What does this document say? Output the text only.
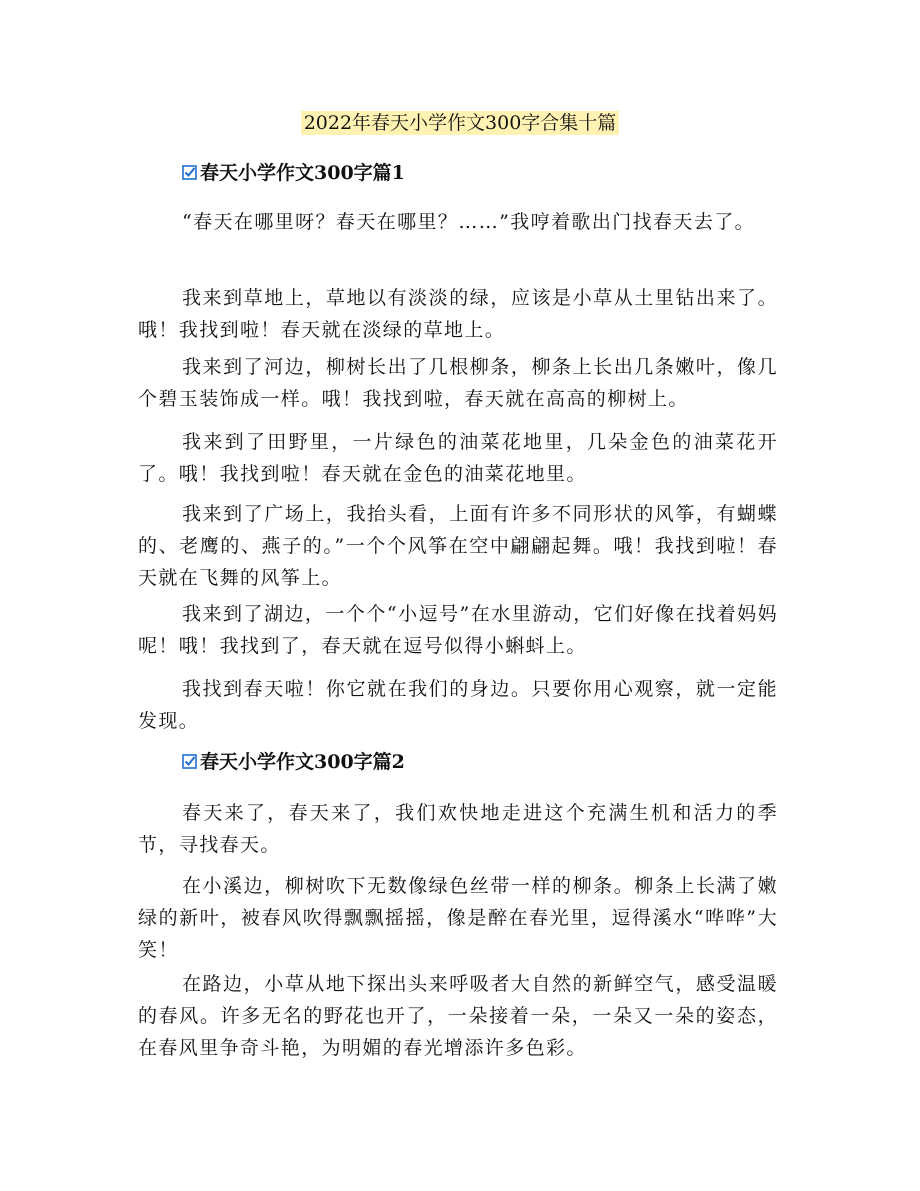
2022年春天小学作文300字合集十篇
春天小学作文300字篇1

“春天在哪里呀？春天在哪里？……”我哼着歌出门找春天去了。

我来到草地上，草地以有淡淡的绿，应该是小草从土里钻出来了。哦！我找到啦！春天就在淡绿的草地上。

我来到了河边，柳树长出了几根柳条，柳条上长出几条嫩叶，像几个碧玉装饰成一样。哦！我找到啦，春天就在高高的柳树上。

我来到了田野里，一片绿色的油菜花地里，几朵金色的油菜花开了。哦！我找到啦！春天就在金色的油菜花地里。

我来到了广场上，我抬头看，上面有许多不同形状的风筝，有蝴蝶的、老鹰的、燕子的。”一个个风筝在空中翩翩起舞。哦！我找到啦！春天就在飞舞的风筝上。

我来到了湖边，一个个“小逗号”在水里游动，它们好像在找着妈妈呢！哦！我找到了，春天就在逗号似得小蝌蚪上。

我找到春天啦！你它就在我们的身边。只要你用心观察，就一定能发现。

春天小学作文300字篇2

春天来了，春天来了，我们欢快地走进这个充满生机和活力的季节，寻找春天。

在小溪边，柳树吹下无数像绿色丝带一样的柳条。柳条上长满了嫩绿的新叶，被春风吹得飘飘摇摇，像是醉在春光里，逗得溪水“哗哗”大笑！

在路边，小草从地下探出头来呼吸者大自然的新鲜空气，感受温暖的春风。许多无名的野花也开了，一朵接着一朵，一朵又一朵的姿态，在春风里争奇斗艳，为明媚的春光增添许多色彩。
